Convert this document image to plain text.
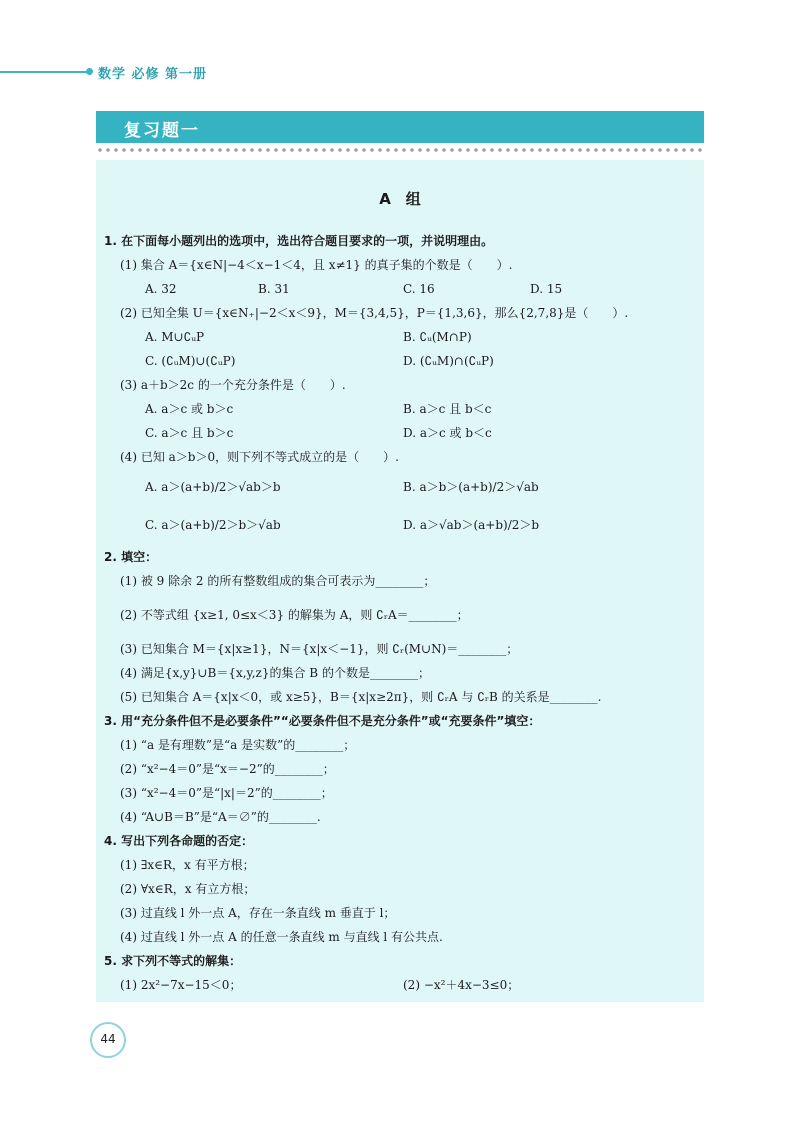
数学 必修 第一册
复习题一
A　组
1. 在下面每小题列出的选项中，选出符合题目要求的一项，并说明理由。
(1) 集合 A＝{x∈N|−4＜x−1＜4，且 x≠1} 的真子集的个数是（　　）.
A. 32	B. 31	C. 16	D. 15
(2) 已知全集 U＝{x∈N₊|−2＜x＜9}，M＝{3,4,5}，P＝{1,3,6}，那么{2,7,8}是（　　）.
A. M∪∁ᵤP	B. ∁ᵤ(M∩P)
C. (∁ᵤM)∪(∁ᵤP)	D. (∁ᵤM)∩(∁ᵤP)
(3) a＋b＞2c 的一个充分条件是（　　）.
A. a＞c 或 b＞c	B. a＞c 且 b＜c
C. a＞c 且 b＞c	D. a＞c 或 b＜c
(4) 已知 a＞b＞0，则下列不等式成立的是（　　）.
A. a＞(a+b)/2＞√ab＞b	B. a＞b＞(a+b)/2＞√ab
C. a＞(a+b)/2＞b＞√ab	D. a＞√ab＞(a+b)/2＞b
2. 填空：
(1) 被 9 除余 2 的所有整数组成的集合可表示为________；
(2) 不等式组 {x≥1, 0≤x＜3} 的解集为 A，则 ∁ᵣA＝________；
(3) 已知集合 M＝{x|x≥1}，N＝{x|x＜−1}，则 ∁ᵣ(M∪N)＝________；
(4) 满足{x,y}∪B＝{x,y,z}的集合 B 的个数是________；
(5) 已知集合 A＝{x|x＜0，或 x≥5}，B＝{x|x≥2π}，则 ∁ᵣA 与 ∁ᵣB 的关系是________.
3. 用“充分条件但不是必要条件”“必要条件但不是充分条件”或“充要条件”填空：
(1) “a 是有理数”是“a 是实数”的________；
(2) “x²−4＝0”是“x＝−2”的________；
(3) “x²−4＝0”是“|x|＝2”的________；
(4) “A∪B＝B”是“A＝∅”的________.
4. 写出下列各命题的否定：
(1) ∃x∈R，x 有平方根；
(2) ∀x∈R，x 有立方根；
(3) 过直线 l 外一点 A，存在一条直线 m 垂直于 l；
(4) 过直线 l 外一点 A 的任意一条直线 m 与直线 l 有公共点.
5. 求下列不等式的解集：
(1) 2x²−7x−15＜0；	(2) −x²＋4x−3≤0；
44
